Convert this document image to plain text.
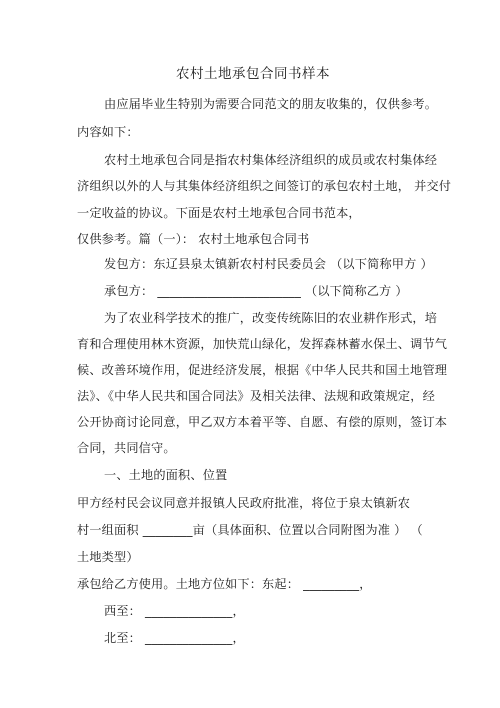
农村土地承包合同书样本
由应届毕业生特别为需要合同范文的朋友收集的，仅供参考。
内容如下：
农村土地承包合同是指农村集体经济组织的成员或农村集体经
济组织以外的人与其集体经济组织之间签订的承包农村土地， 并交付
一定收益的协议。下面是农村土地承包合同书范本，
仅供参考。篇（一）： 农村土地承包合同书
发包方：东辽县泉太镇新农村村民委员会 （以下简称甲方 ）
承包方： _______________________ （以下简称乙方 ）
为了农业科学技术的推广，改变传统陈旧的农业耕作形式，培
育和合理使用林木资源，加快荒山绿化，发挥森林蓄水保土、调节气
候、改善环境作用，促进经济发展，根据《中华人民共和国土地管理
法》、《中华人民共和国合同法》及相关法律、法规和政策规定，经
公开协商讨论同意，甲乙双方本着平等、自愿、有偿的原则，签订本
合同，共同信守。
一、土地的面积、位置
甲方经村民会议同意并报镇人民政府批准，将位于泉太镇新农
村一组面积 ________亩（具体面积、位置以合同附图为准 ） （
土地类型）
承包给乙方使用。土地方位如下：东起： _________，
西至： ______________，
北至： ______________，
